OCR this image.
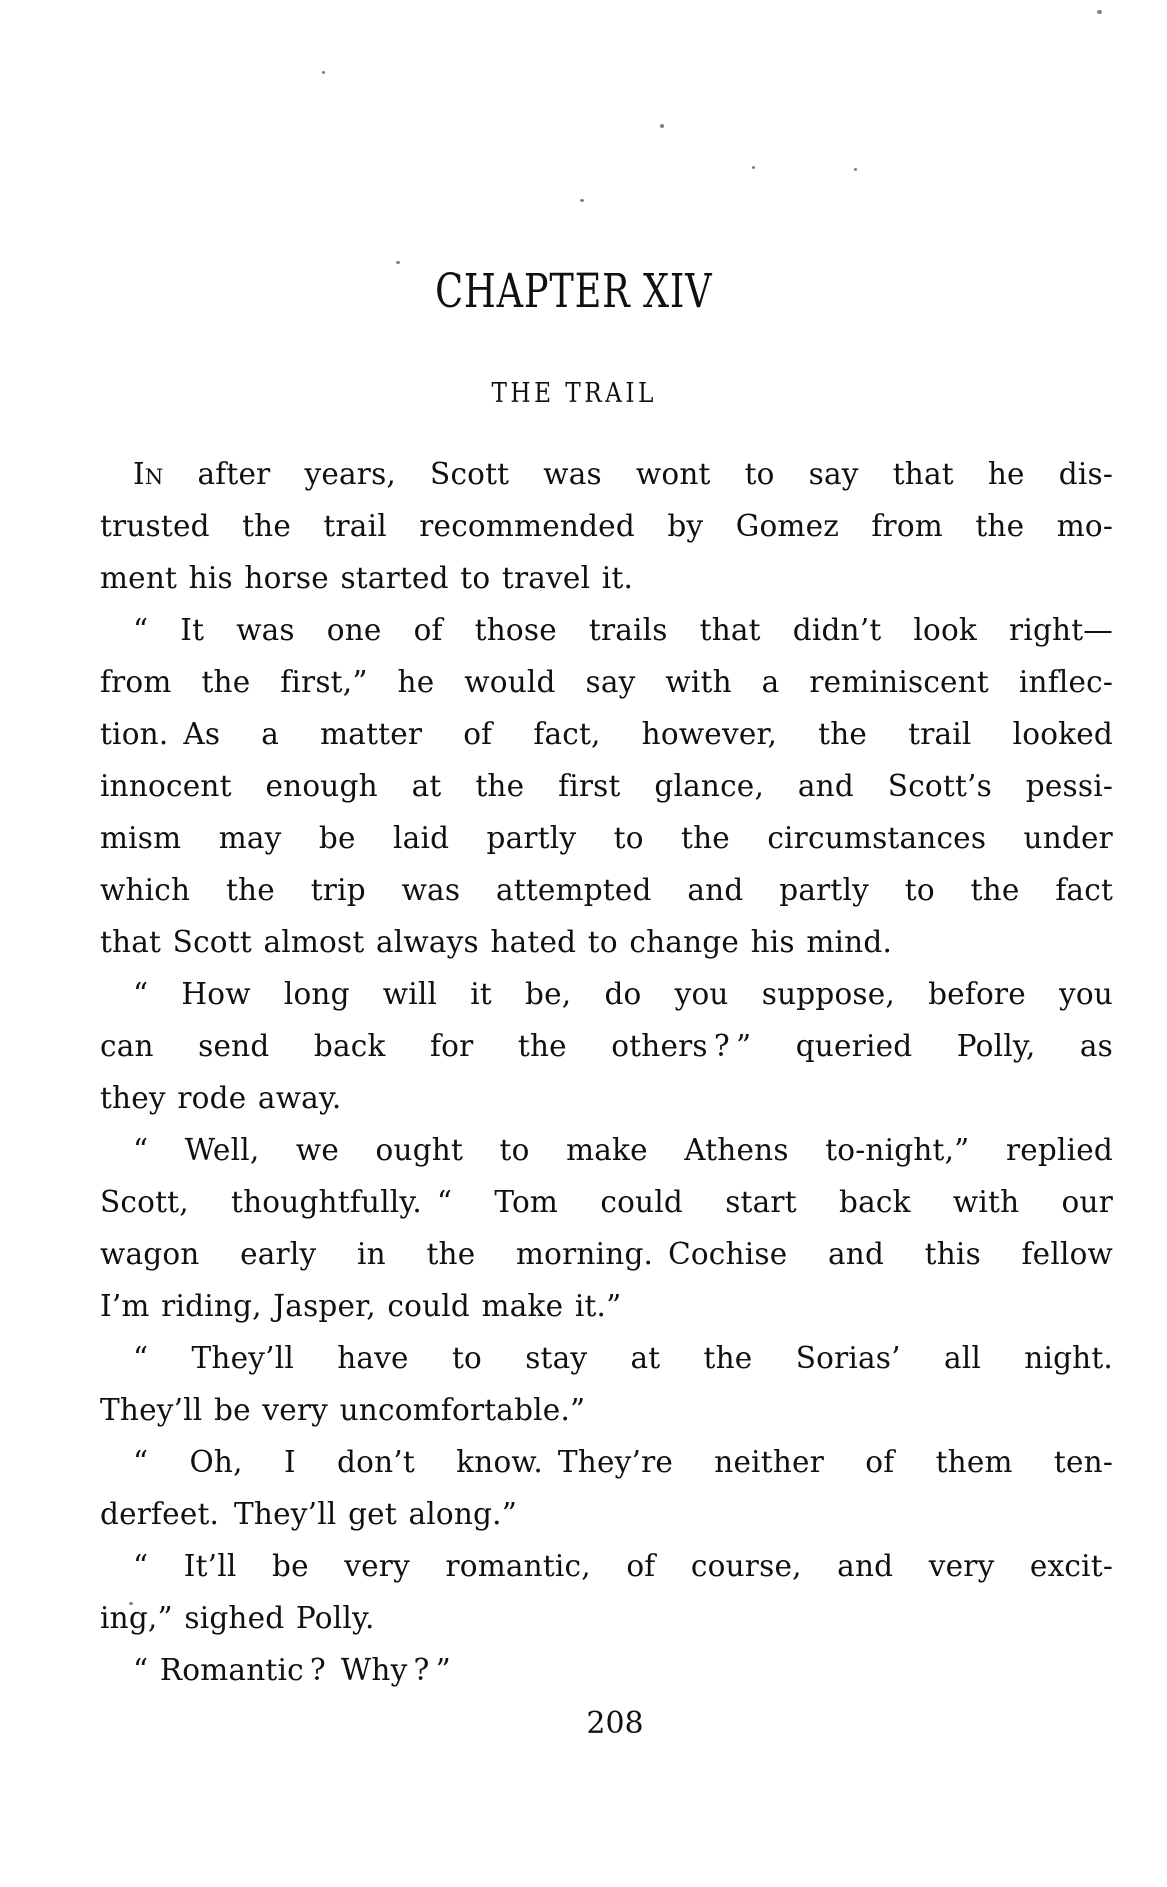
CHAPTER XIV
THE TRAIL
In after years, Scott was wont to say that he dis-
trusted the trail recommended by Gomez from the mo-
ment his horse started to travel it.
“ It was one of those trails that didn’t look right—
from the first,” he would say with a reminiscent inflec-
tion. As a matter of fact, however, the trail looked
innocent enough at the first glance, and Scott’s pessi-
mism may be laid partly to the circumstances under
which the trip was attempted and partly to the fact
that Scott almost always hated to change his mind.
“ How long will it be, do you suppose, before you
can send back for the others ? ” queried Polly, as
they rode away.
“ Well, we ought to make Athens to-night,” replied
Scott, thoughtfully. “ Tom could start back with our
wagon early in the morning. Cochise and this fellow
I’m riding, Jasper, could make it.”
“ They’ll have to stay at the Sorias’ all night.
They’ll be very uncomfortable.”
“ Oh, I don’t know. They’re neither of them ten-
derfeet. They’ll get along.”
“ It’ll be very romantic, of course, and very excit-
ing,” sighed Polly.
“ Romantic ? Why ? ”
208
